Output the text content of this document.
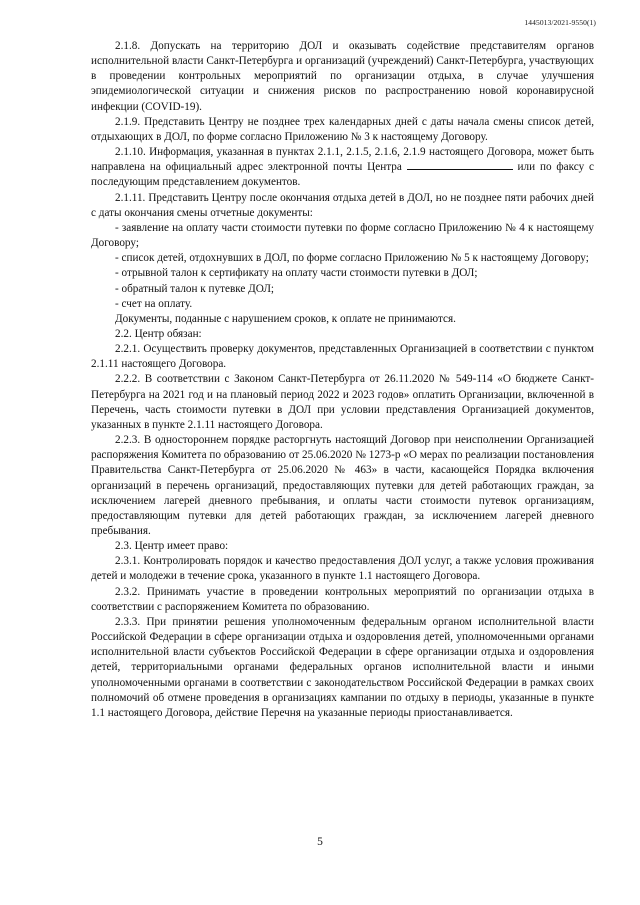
1445013/2021-9550(1)

2.1.8. Допускать на территорию ДОЛ и оказывать содействие представителям органов исполнительной власти Санкт-Петербурга и организаций (учреждений) Санкт-Петербурга, участвующих в проведении контрольных мероприятий по организации отдыха, в случае улучшения эпидемиологической ситуации и снижения рисков по распространению новой коронавирусной инфекции (COVID-19).

2.1.9. Представить Центру не позднее трех календарных дней с даты начала смены список детей, отдыхающих в ДОЛ, по форме согласно Приложению № 3 к настоящему Договору.

2.1.10. Информация, указанная в пунктах 2.1.1, 2.1.5, 2.1.6, 2.1.9 настоящего Договора, может быть направлена на официальный адрес электронной почты Центра	или по факсу с последующим представлением документов.

2.1.11. Представить Центру после окончания отдыха детей в ДОЛ, но не позднее пяти рабочих дней с даты окончания смены отчетные документы:

- заявление на оплату части стоимости путевки по форме согласно Приложению № 4 к настоящему Договору;

- список детей, отдохнувших в ДОЛ, по форме согласно Приложению № 5 к настоящему Договору;

- отрывной талон к сертификату на оплату части стоимости путевки в ДОЛ;

- обратный талон к путевке ДОЛ;

- счет на оплату.

Документы, поданные с нарушением сроков, к оплате не принимаются.

2.2. Центр обязан:

2.2.1. Осуществить проверку документов, представленных Организацией в соответствии с пунктом 2.1.11 настоящего Договора.

2.2.2. В соответствии с Законом Санкт-Петербурга от 26.11.2020 № 549-114 «О бюджете Санкт-Петербурга на 2021 год и на плановый период 2022 и 2023 годов» оплатить Организации, включенной в Перечень, часть стоимости путевки в ДОЛ при условии представления Организацией документов, указанных в пункте 2.1.11 настоящего Договора.

2.2.3. В одностороннем порядке расторгнуть настоящий Договор при неисполнении Организацией распоряжения Комитета по образованию от 25.06.2020 № 1273-р «О мерах по реализации постановления Правительства Санкт-Петербурга от 25.06.2020 № 463» в части, касающейся Порядка включения организаций в перечень организаций, предоставляющих путевки для детей работающих граждан, за исключением лагерей дневного пребывания, и оплаты части стоимости путевок организациям, предоставляющим путевки для детей работающих граждан, за исключением лагерей дневного пребывания.

2.3. Центр имеет право:

2.3.1. Контролировать порядок и качество предоставления ДОЛ услуг, а также условия проживания детей и молодежи в течение срока, указанного в пункте 1.1 настоящего Договора.

2.3.2. Принимать участие в проведении контрольных мероприятий по организации отдыха в соответствии с распоряжением Комитета по образованию.

2.3.3. При принятии решения уполномоченным федеральным органом исполнительной власти Российской Федерации в сфере организации отдыха и оздоровления детей, уполномоченными органами исполнительной власти субъектов Российской Федерации в сфере организации отдыха и оздоровления детей, территориальными органами федеральных органов исполнительной власти и иными уполномоченными органами в соответствии с законодательством Российской Федерации в рамках своих полномочий об отмене проведения в организациях кампании по отдыху в периоды, указанные в пункте 1.1 настоящего Договора, действие Перечня на указанные периоды приостанавливается.

5
